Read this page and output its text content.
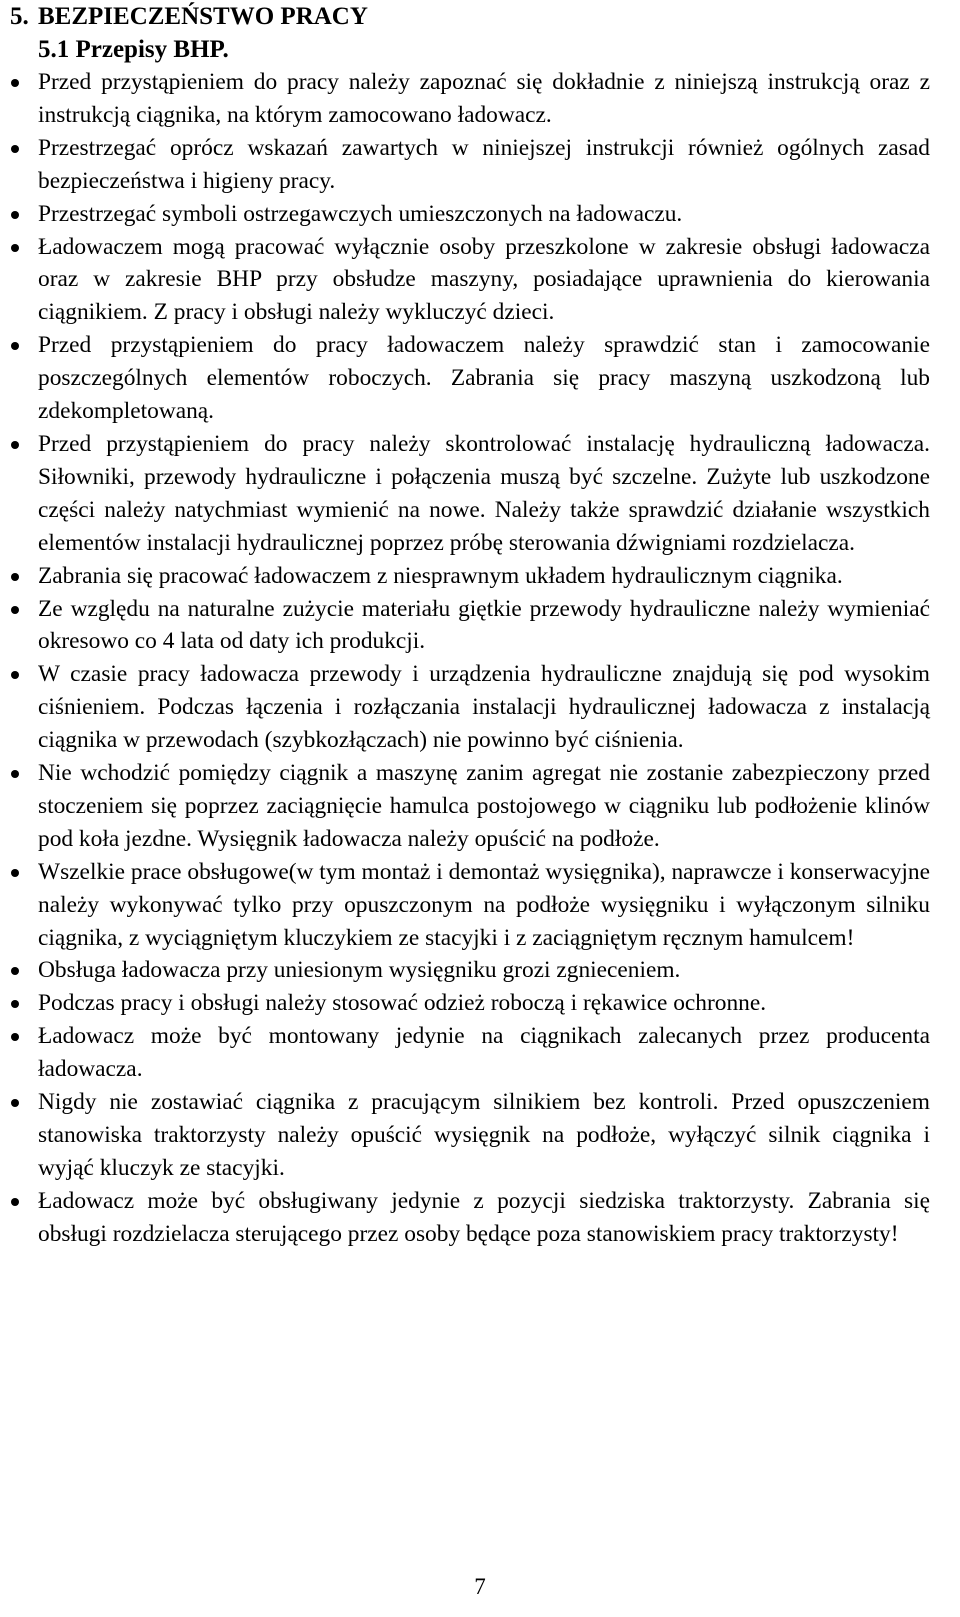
5. BEZPIECZEŃSTWO PRACY
5.1 Przepisy BHP.
Przed przystąpieniem do pracy należy zapoznać się dokładnie z niniejszą instrukcją oraz z instrukcją ciągnika, na którym zamocowano ładowacz.
Przestrzegać oprócz wskazań zawartych w niniejszej instrukcji również ogólnych zasad bezpieczeństwa i higieny pracy.
Przestrzegać symboli ostrzegawczych umieszczonych na ładowaczu.
Ładowaczem mogą pracować wyłącznie osoby przeszkolone w zakresie obsługi ładowacza oraz w zakresie BHP przy obsłudze maszyny, posiadające uprawnienia do kierowania ciągnikiem. Z pracy i obsługi należy wykluczyć dzieci.
Przed przystąpieniem do pracy ładowaczem należy sprawdzić stan i zamocowanie poszczególnych elementów roboczych. Zabrania się pracy maszyną uszkodzoną lub zdekompletowaną.
Przed przystąpieniem do pracy należy skontrolować instalację hydrauliczną ładowacza. Siłowniki, przewody hydrauliczne i połączenia muszą być szczelne. Zużyte lub uszkodzone części należy natychmiast wymienić na nowe. Należy także sprawdzić działanie wszystkich elementów instalacji hydraulicznej poprzez próbę sterowania dźwigniami rozdzielacza.
Zabrania się pracować ładowaczem z niesprawnym układem hydraulicznym ciągnika.
Ze względu na naturalne zużycie materiału giętkie przewody hydrauliczne należy wymieniać okresowo co 4 lata od daty ich produkcji.
W czasie pracy ładowacza przewody i urządzenia hydrauliczne znajdują się pod wysokim ciśnieniem. Podczas łączenia i rozłączania instalacji hydraulicznej ładowacza z instalacją ciągnika w przewodach (szybkozłączach) nie powinno być ciśnienia.
Nie wchodzić pomiędzy ciągnik a maszynę zanim agregat nie zostanie zabezpieczony przed stoczeniem się poprzez zaciągnięcie hamulca postojowego w ciągniku lub podłożenie klinów pod koła jezdne. Wysięgnik ładowacza należy opuścić na podłoże.
Wszelkie prace obsługowe(w tym montaż i demontaż wysięgnika), naprawcze i konserwacyjne należy wykonywać tylko przy opuszczonym na podłoże wysięgniku i wyłączonym silniku ciągnika, z wyciągniętym kluczykiem ze stacyjki i z zaciągniętym ręcznym hamulcem!
Obsługa ładowacza przy uniesionym wysięgniku grozi zgnieceniem.
Podczas pracy i obsługi należy stosować odzież roboczą i rękawice ochronne.
Ładowacz może być montowany jedynie na ciągnikach zalecanych przez producenta ładowacza.
Nigdy nie zostawiać ciągnika z pracującym silnikiem bez kontroli. Przed opuszczeniem stanowiska traktorzysty należy opuścić wysięgnik na podłoże, wyłączyć silnik ciągnika i wyjąć kluczyk ze stacyjki.
Ładowacz może być obsługiwany jedynie z pozycji siedziska traktorzysty. Zabrania się obsługi rozdzielacza sterującego przez osoby będące poza stanowiskiem pracy traktorzysty!
7
